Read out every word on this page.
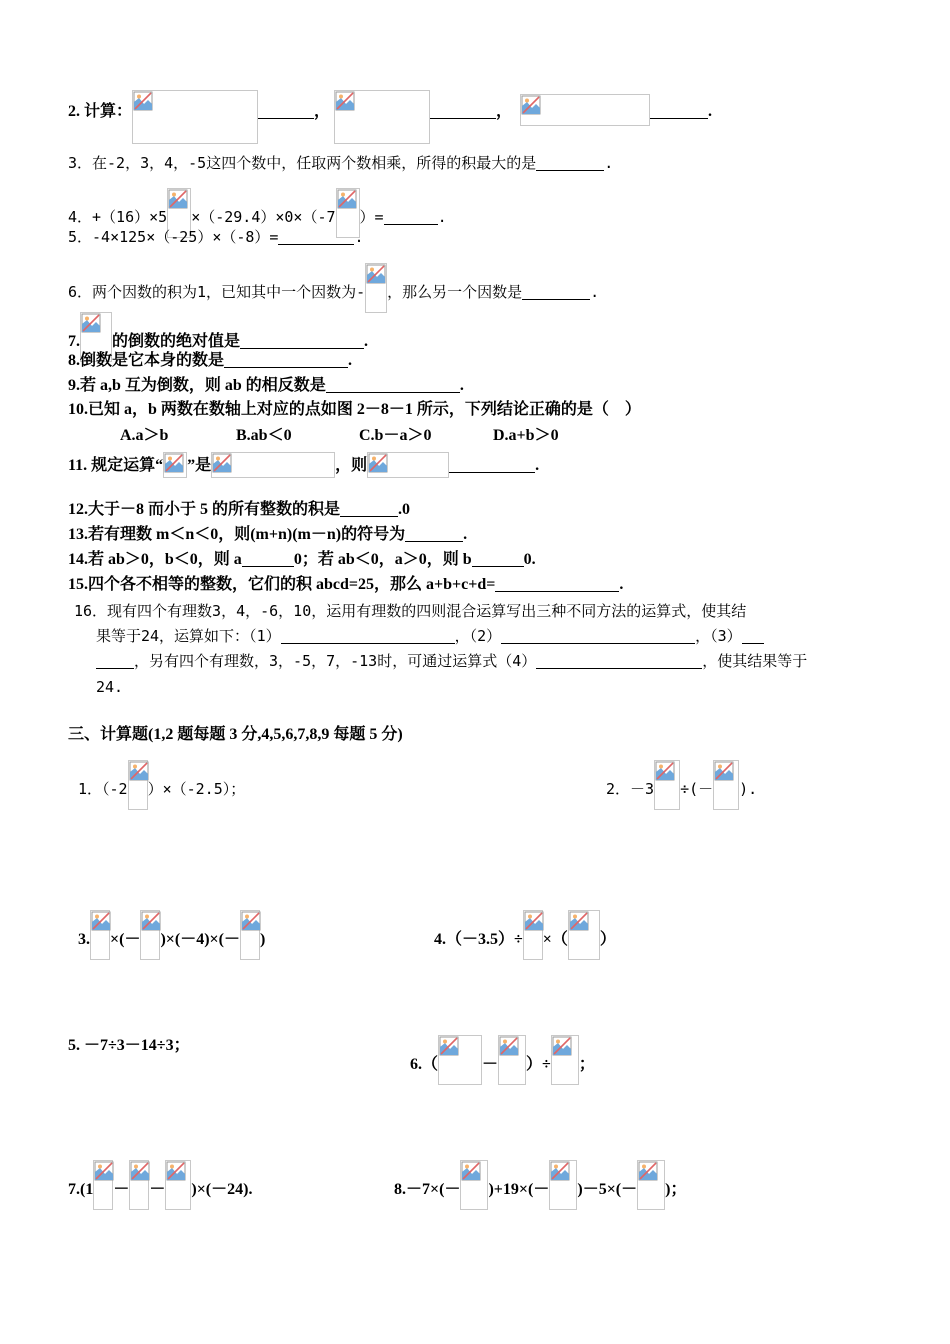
2. 计算：	，	，	.
3．在-2，3，4，-5这四个数中，任取两个数相乘，所得的积最大的是	.
4．+（16）×5 ×（-29.4）×0×（-7 ）=	.
5．-4×125×（-25）×（-8）=	.
6．两个因数的积为1，已知其中一个因数为- ，那么另一个因数是	.
7. 的倒数的绝对值是	.
8.倒数是它本身的数是	.
9.若 a,b 互为倒数，则 ab 的相反数是	.
10.已知 a，b 两数在数轴上对应的点如图 2－8－1 所示，下列结论正确的是（　）
A.a＞b	B.ab＜0	C.b－a＞0	D.a+b＞0
11. 规定运算“ ”是	，则	.
12.大于－8 而小于 5 的所有整数的积是	.0
13.若有理数 m＜n＜0，则(m+n)(m－n)的符号为	.
14.若 ab＞0，b＜0，则 a	0；若 ab＜0，a＞0，则 b	0.
15.四个各不相等的整数，它们的积 abcd=25，那么 a+b+c+d=	.
16．现有四个有理数3，4，-6，10，运用有理数的四则混合运算写出三种不同方法的运算式，使其结
果等于24，运算如下：（1）	，（2）	，（3）
，另有四个有理数，3，-5，7，-13时，可通过运算式（4）	，使其结果等于
24.
三、计算题(1,2 题每题 3 分,4,5,6,7,8,9 每题 5 分)
1．（-2 ）×（-2.5）；	2．－3 ÷(－ ).
3. ×(－ )×(－4)×(－ )	4.（－3.5）÷ ×（ ）
5. －7÷3－14÷3；
6.（	－ ）÷ ；
7.(1 － － )×(－24).	8.－7×(－ )+19×(－ )－5×(－ )；
